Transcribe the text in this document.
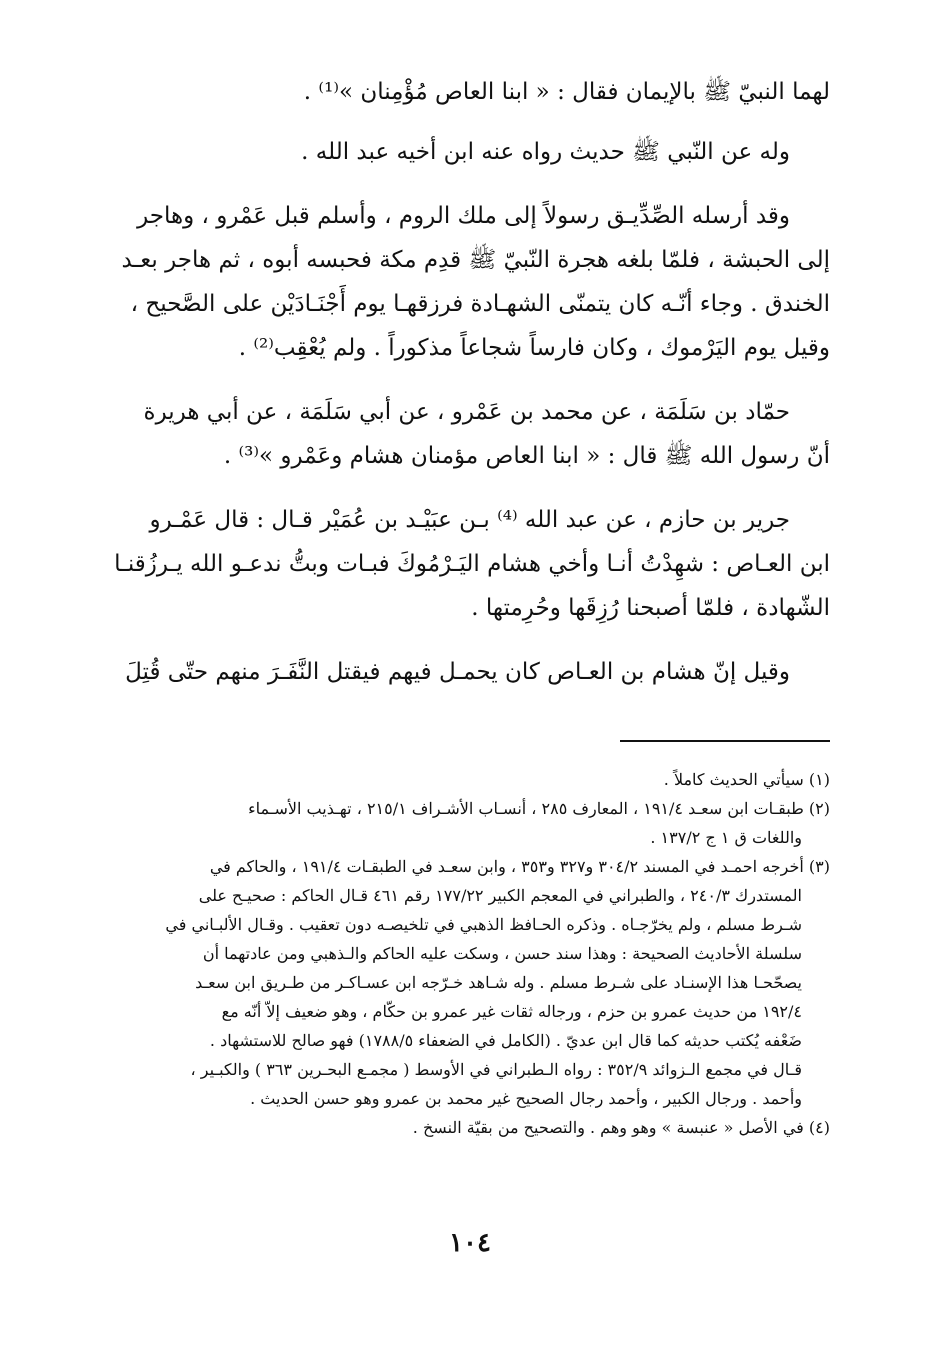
لهما النبيّ ﷺ بالإيمان فقال : « ابنا العاص مُؤْمِنان »⁽¹⁾ .
وله عن النّبي ﷺ حديث رواه عنه ابن أخيه عبد الله .
وقد أرسله الصِّدِّيـق رسولاً إلى ملك الروم ، وأسلم قبل عَمْرو ، وهاجر
إلى الحبشة ، فلمّا بلغه هجرة النّبيّ ﷺ قدِم مكة فحبسه أبوه ، ثم هاجر بعـد
الخندق . وجاء أنّـه كان يتمنّى الشهـادة فرزقهـا يوم أَجْنَـادَيْن على الصَّحيح ،
وقيل يوم اليَرْموك ، وكان فارساً شجاعاً مذكوراً . ولم يُعْقِب⁽²⁾ .
حمّاد بن سَلَمَة ، عن محمد بن عَمْرو ، عن أبي سَلَمَة ، عن أبي هريرة
أنّ رسول الله ﷺ قال : « ابنا العاص مؤمنان هشام وعَمْرو »⁽³⁾ .
جرير بن حازم ، عن عبد الله ⁽⁴⁾ بـن عبَيْـد بن عُمَيْر قـال : قال عَمْـرو
ابن العـاص : شهِدْتُ أنـا وأخي هشام اليَـرْمُوكَ فبـات وبتُّ ندعـو الله يـرزُقنـا
الشّهادة ، فلمّا أصبحنا رُزِقَها وحُرِمتها .
وقيل إنّ هشام بن العـاص كان يحمـل فيهم فيقتل النَّفَـرَ منهم حتّى قُتِلَ
(١) سيأتي الحديث كاملاً .
(٢) طبقـات ابن سعـد ١٩١/٤ ، المعارف ٢٨٥ ، أنسـاب الأشـراف ٢١٥/١ ، تهـذيب الأسـماء
واللغات ق ١ ج ١٣٧/٢ .
(٣) أخرجه احمـد في المسند ٣٠٤/٢ و٣٢٧ و٣٥٣ ، وابن سعـد في الطبقـات ١٩١/٤ ، والحاكم في
المستدرك ٢٤٠/٣ ، والطبراني في المعجم الكبير ١٧٧/٢٢ رقم ٤٦١ قـال الحاكم : صحيـح على
شـرط مسلم ، ولم يخرّجـاه . وذكره الحـافظ الذهبي في تلخيصـه دون تعقيب . وقـال الألبـاني في
سلسلة الأحاديث الصحيحة : وهذا سند حسن ، وسكت عليه الحاكم والـذهبي ومن عادتهما أن
يصحّحـا هذا الإسنـاد على شـرط مسلم . وله شـاهد خـرّجه ابن عسـاكـر من طـريق ابن سعـد
١٩٢/٤ من حديث عمرو بن حزم ، ورجاله ثقات غير عمرو بن حكّام ، وهو ضعيف إلاّ أنّه مع
ضَعْفه يُكتب حديثه كما قال ابن عديّ . (الكامل في الضعفاء ١٧٨٨/٥) فهو صالح للاستشهاد .
قـال في مجمع الـزوائد ٣٥٢/٩ : رواه الـطبراني في الأوسط ( مجمـع البحـرين ٣٦٣ ) والكبـير ،
وأحمد . ورجال الكبير ، وأحمد رجال الصحيح غير محمد بن عمرو وهو حسن الحديث .
(٤) في الأصل « عنبسة » وهو وهم . والتصحيح من بقيّة النسخ .
١٠٤
